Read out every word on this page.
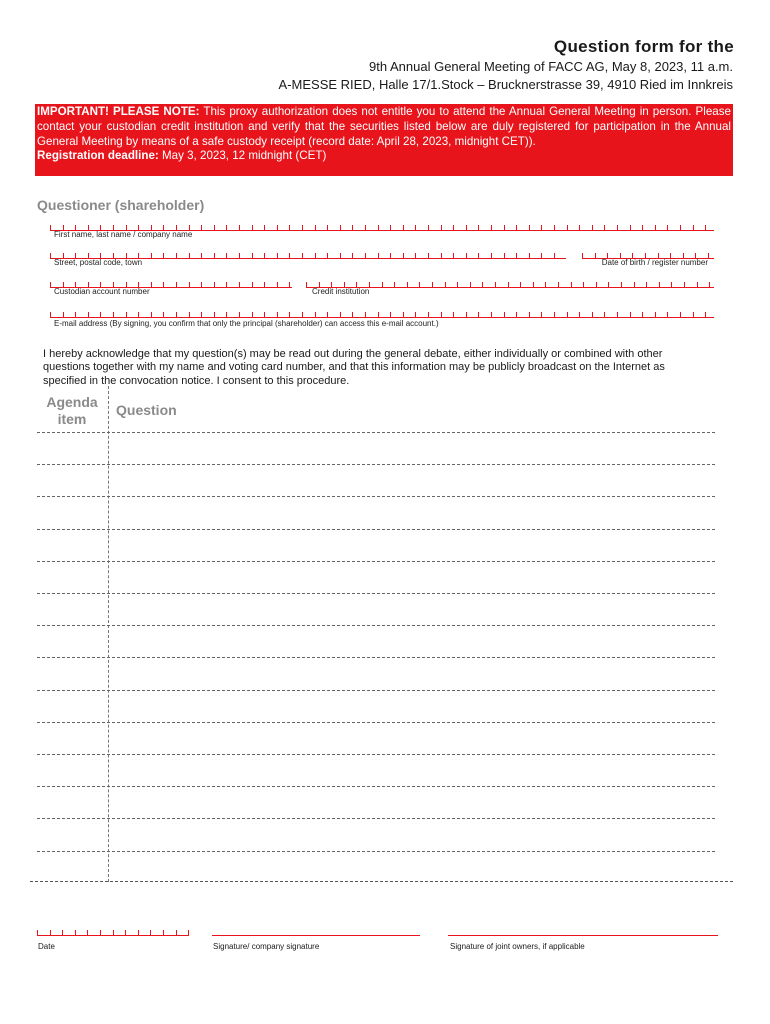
Question form for the
9th Annual General Meeting of FACC AG, May 8, 2023, 11 a.m.
A-MESSE RIED, Halle 17/1.Stock – Brucknerstrasse 39, 4910 Ried im Innkreis
IMPORTANT! PLEASE NOTE: This proxy authorization does not entitle you to attend the Annual General Meeting in person. Please contact your custodian credit institution and verify that the securities listed below are duly registered for participation in the Annual General Meeting by means of a safe custody receipt (record date: April 28, 2023, midnight CET)).
Registration deadline: May 3, 2023, 12 midnight (CET)
Questioner (shareholder)
First name, last name / company name
Street, postal code, town	Date of birth / register number
Custodian account number	Credit institution
E-mail address (By signing, you confirm that only the principal (shareholder) can access this e-mail account.)
I hereby acknowledge that my question(s) may be read out during the general debate, either individually or combined with other questions together with my name and voting card number, and that this information may be publicly broadcast on the Internet as specified in the convocation notice. I consent to this procedure.
Agenda
item
Question
Date	Signature/ company signature	Signature of joint owners, if applicable
